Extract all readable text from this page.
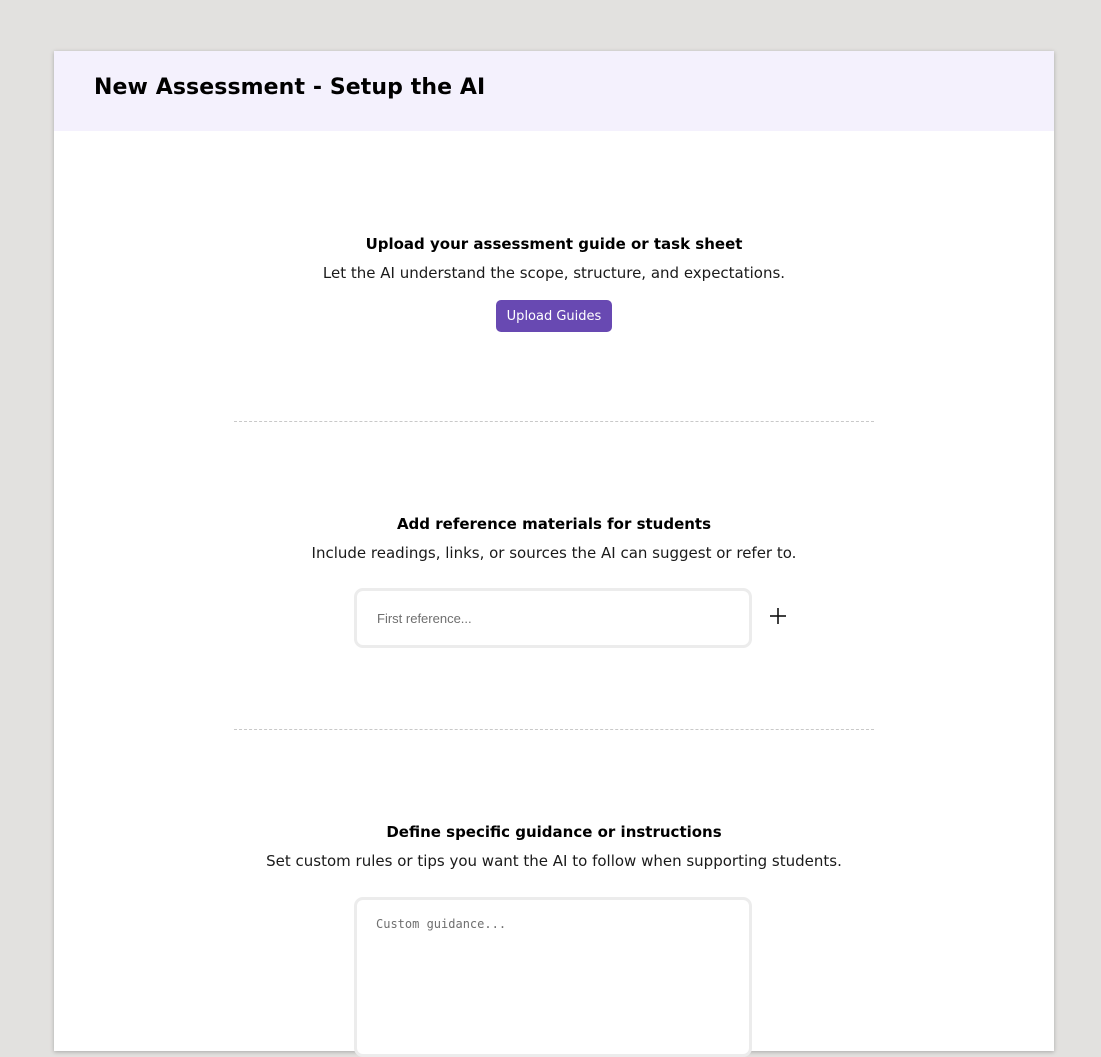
New Assessment - Setup the AI
Upload your assessment guide or task sheet

Let the AI understand the scope, structure, and expectations.

Upload Guides
Add reference materials for students

Include readings, links, or sources the AI can suggest or refer to.

First reference...
Define specific guidance or instructions

Set custom rules or tips you want the AI to follow when supporting students.

Custom guidance...
